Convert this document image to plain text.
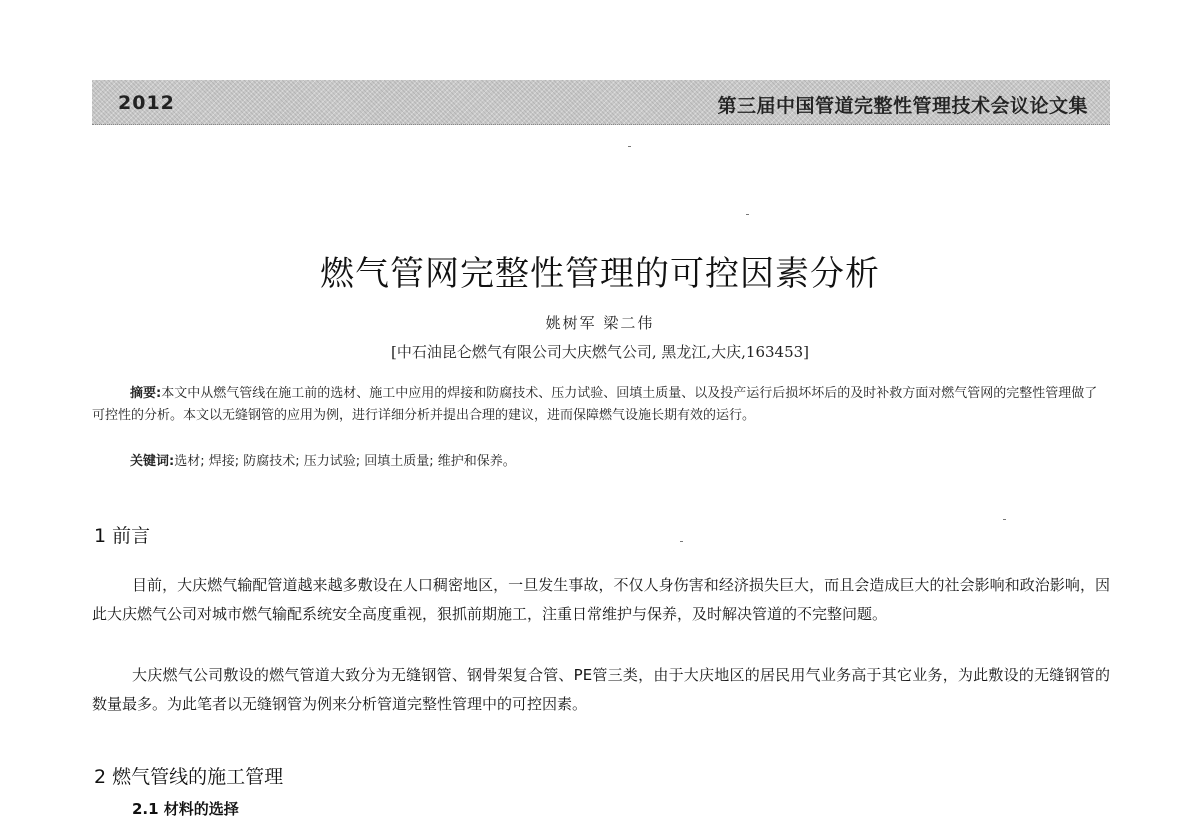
2012	第三届中国管道完整性管理技术会议论文集
燃气管网完整性管理的可控因素分析
姚树军 梁二伟
[中石油昆仑燃气有限公司大庆燃气公司, 黑龙江,大庆,163453]

摘要:本文中从燃气管线在施工前的选材、施工中应用的焊接和防腐技术、压力试验、回填土质量、以及投产运行后损坏坏后的及时补救方面对燃气管网的完整性管理做了可控性的分析。本文以无缝钢管的应用为例，进行详细分析并提出合理的建议，进而保障燃气设施长期有效的运行。

关键词:选材; 焊接; 防腐技术; 压力试验; 回填土质量; 维护和保养。

1 前言

目前，大庆燃气输配管道越来越多敷设在人口稠密地区，一旦发生事故，不仅人身伤害和经济损失巨大，而且会造成巨大的社会影响和政治影响，因此大庆燃气公司对城市燃气输配系统安全高度重视，狠抓前期施工，注重日常维护与保养，及时解决管道的不完整问题。

大庆燃气公司敷设的燃气管道大致分为无缝钢管、钢骨架复合管、PE管三类，由于大庆地区的居民用气业务高于其它业务，为此敷设的无缝钢管的数量最多。为此笔者以无缝钢管为例来分析管道完整性管理中的可控因素。

2 燃气管线的施工管理
2.1 材料的选择
